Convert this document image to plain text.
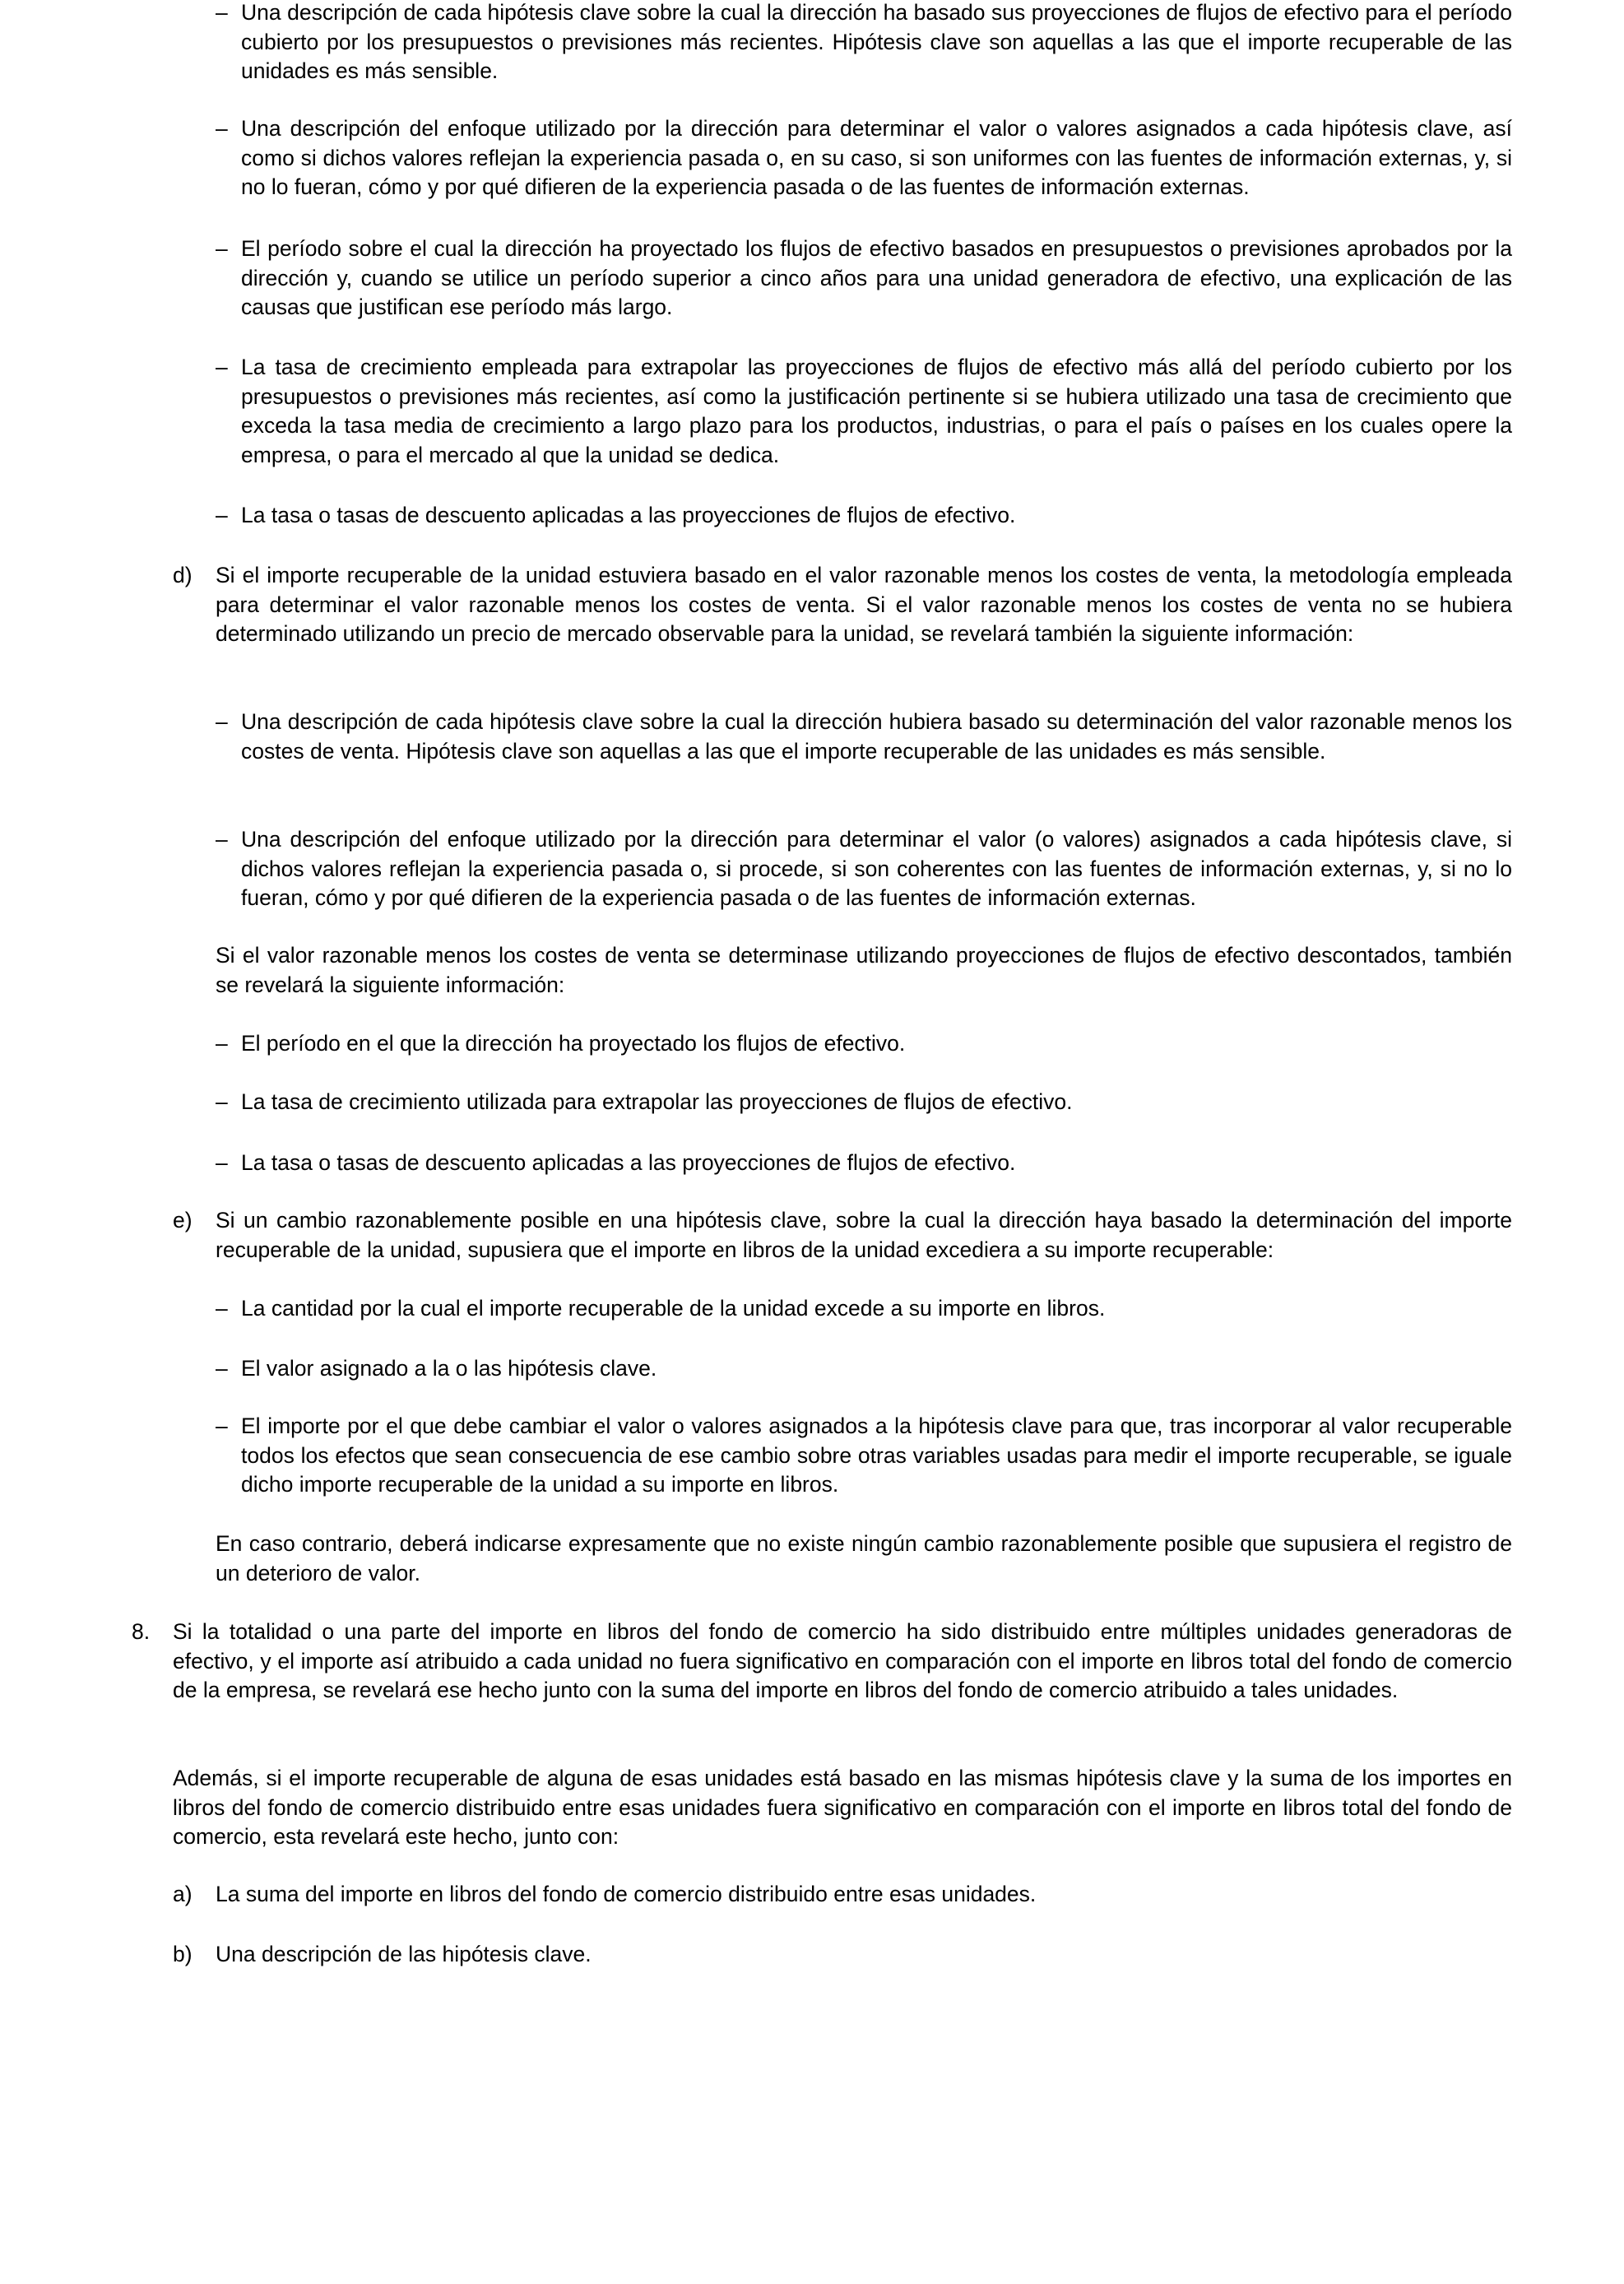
– Una descripción de cada hipótesis clave sobre la cual la dirección ha basado sus proyecciones de flujos de efectivo para el período cubierto por los presupuestos o previsiones más recientes. Hipótesis clave son aquellas a las que el importe recuperable de las unidades es más sensible.
– Una descripción del enfoque utilizado por la dirección para determinar el valor o valores asignados a cada hipótesis clave, así como si dichos valores reflejan la experiencia pasada o, en su caso, si son uniformes con las fuentes de información externas, y, si no lo fueran, cómo y por qué difieren de la experiencia pasada o de las fuentes de información externas.
– El período sobre el cual la dirección ha proyectado los flujos de efectivo basados en presupuestos o previsiones aprobados por la dirección y, cuando se utilice un período superior a cinco años para una unidad generadora de efectivo, una explicación de las causas que justifican ese período más largo.
– La tasa de crecimiento empleada para extrapolar las proyecciones de flujos de efectivo más allá del período cubierto por los presupuestos o previsiones más recientes, así como la justificación pertinente si se hubiera utilizado una tasa de crecimiento que exceda la tasa media de crecimiento a largo plazo para los productos, industrias, o para el país o países en los cuales opere la empresa, o para el mercado al que la unidad se dedica.
– La tasa o tasas de descuento aplicadas a las proyecciones de flujos de efectivo.
d) Si el importe recuperable de la unidad estuviera basado en el valor razonable menos los costes de venta, la metodología empleada para determinar el valor razonable menos los costes de venta. Si el valor razonable menos los costes de venta no se hubiera determinado utilizando un precio de mercado observable para la unidad, se revelará también la siguiente información:
– Una descripción de cada hipótesis clave sobre la cual la dirección hubiera basado su determinación del valor razonable menos los costes de venta. Hipótesis clave son aquellas a las que el importe recuperable de las unidades es más sensible.
– Una descripción del enfoque utilizado por la dirección para determinar el valor (o valores) asignados a cada hipótesis clave, si dichos valores reflejan la experiencia pasada o, si procede, si son coherentes con las fuentes de información externas, y, si no lo fueran, cómo y por qué difieren de la experiencia pasada o de las fuentes de información externas.
Si el valor razonable menos los costes de venta se determinase utilizando proyecciones de flujos de efectivo descontados, también se revelará la siguiente información:
– El período en el que la dirección ha proyectado los flujos de efectivo.
– La tasa de crecimiento utilizada para extrapolar las proyecciones de flujos de efectivo.
– La tasa o tasas de descuento aplicadas a las proyecciones de flujos de efectivo.
e) Si un cambio razonablemente posible en una hipótesis clave, sobre la cual la dirección haya basado la determinación del importe recuperable de la unidad, supusiera que el importe en libros de la unidad excediera a su importe recuperable:
– La cantidad por la cual el importe recuperable de la unidad excede a su importe en libros.
– El valor asignado a la o las hipótesis clave.
– El importe por el que debe cambiar el valor o valores asignados a la hipótesis clave para que, tras incorporar al valor recuperable todos los efectos que sean consecuencia de ese cambio sobre otras variables usadas para medir el importe recuperable, se iguale dicho importe recuperable de la unidad a su importe en libros.
En caso contrario, deberá indicarse expresamente que no existe ningún cambio razonablemente posible que supusiera el registro de un deterioro de valor.
8. Si la totalidad o una parte del importe en libros del fondo de comercio ha sido distribuido entre múltiples unidades generadoras de efectivo, y el importe así atribuido a cada unidad no fuera significativo en comparación con el importe en libros total del fondo de comercio de la empresa, se revelará ese hecho junto con la suma del importe en libros del fondo de comercio atribuido a tales unidades.
Además, si el importe recuperable de alguna de esas unidades está basado en las mismas hipótesis clave y la suma de los importes en libros del fondo de comercio distribuido entre esas unidades fuera significativo en comparación con el importe en libros total del fondo de comercio, esta revelará este hecho, junto con:
a) La suma del importe en libros del fondo de comercio distribuido entre esas unidades.
b) Una descripción de las hipótesis clave.
